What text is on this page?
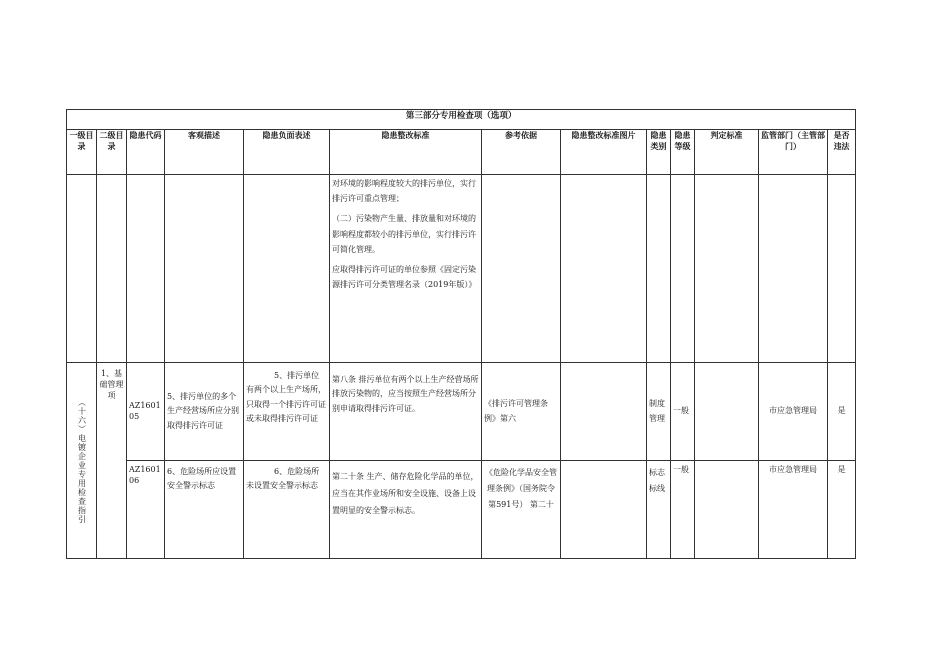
第三部分专用检查项（选项）												
一级目录	二级目录	隐患代码	客观描述	隐患负面表述	隐患整改标准	参考依据	隐患整改标准图片	隐患类别	隐患等级	判定标准	监管部门（主管部门）	是否违法

					对环境的影响程度较大的排污单位，实行排污许可重点管理；

（二）污染物产生量、排放量和对环境的影响程度都较小的排污单位，实行排污许可简化管理。

应取得排污许可证的单位参照《固定污染源排污许可分类管理名录（2019年版）》							

（十六）电镀企业专用检查指引	1、基础管理项	AZ160105	5、排污单位的多个生产经营场所应分别取得排污许可证	5、排污单位有两个以上生产场所，只取得一个排污许可证或未取得排污许可证	第八条 排污单位有两个以上生产经营场所排放污染物的，应当按照生产经营场所分别申请取得排污许可证。	《排污许可管理条例》第六		制度管理	一般		市应急管理局	是
		AZ160106	6、危险场所应设置安全警示标志	6、危险场所未设置安全警示标志	第二十条 生产、储存危险化学品的单位，应当在其作业场所和安全设施、设备上设置明显的安全警示标志。	《危险化学品安全管理条例》（国务院令第591号） 第二十		标志标线	一般		市应急管理局	是
